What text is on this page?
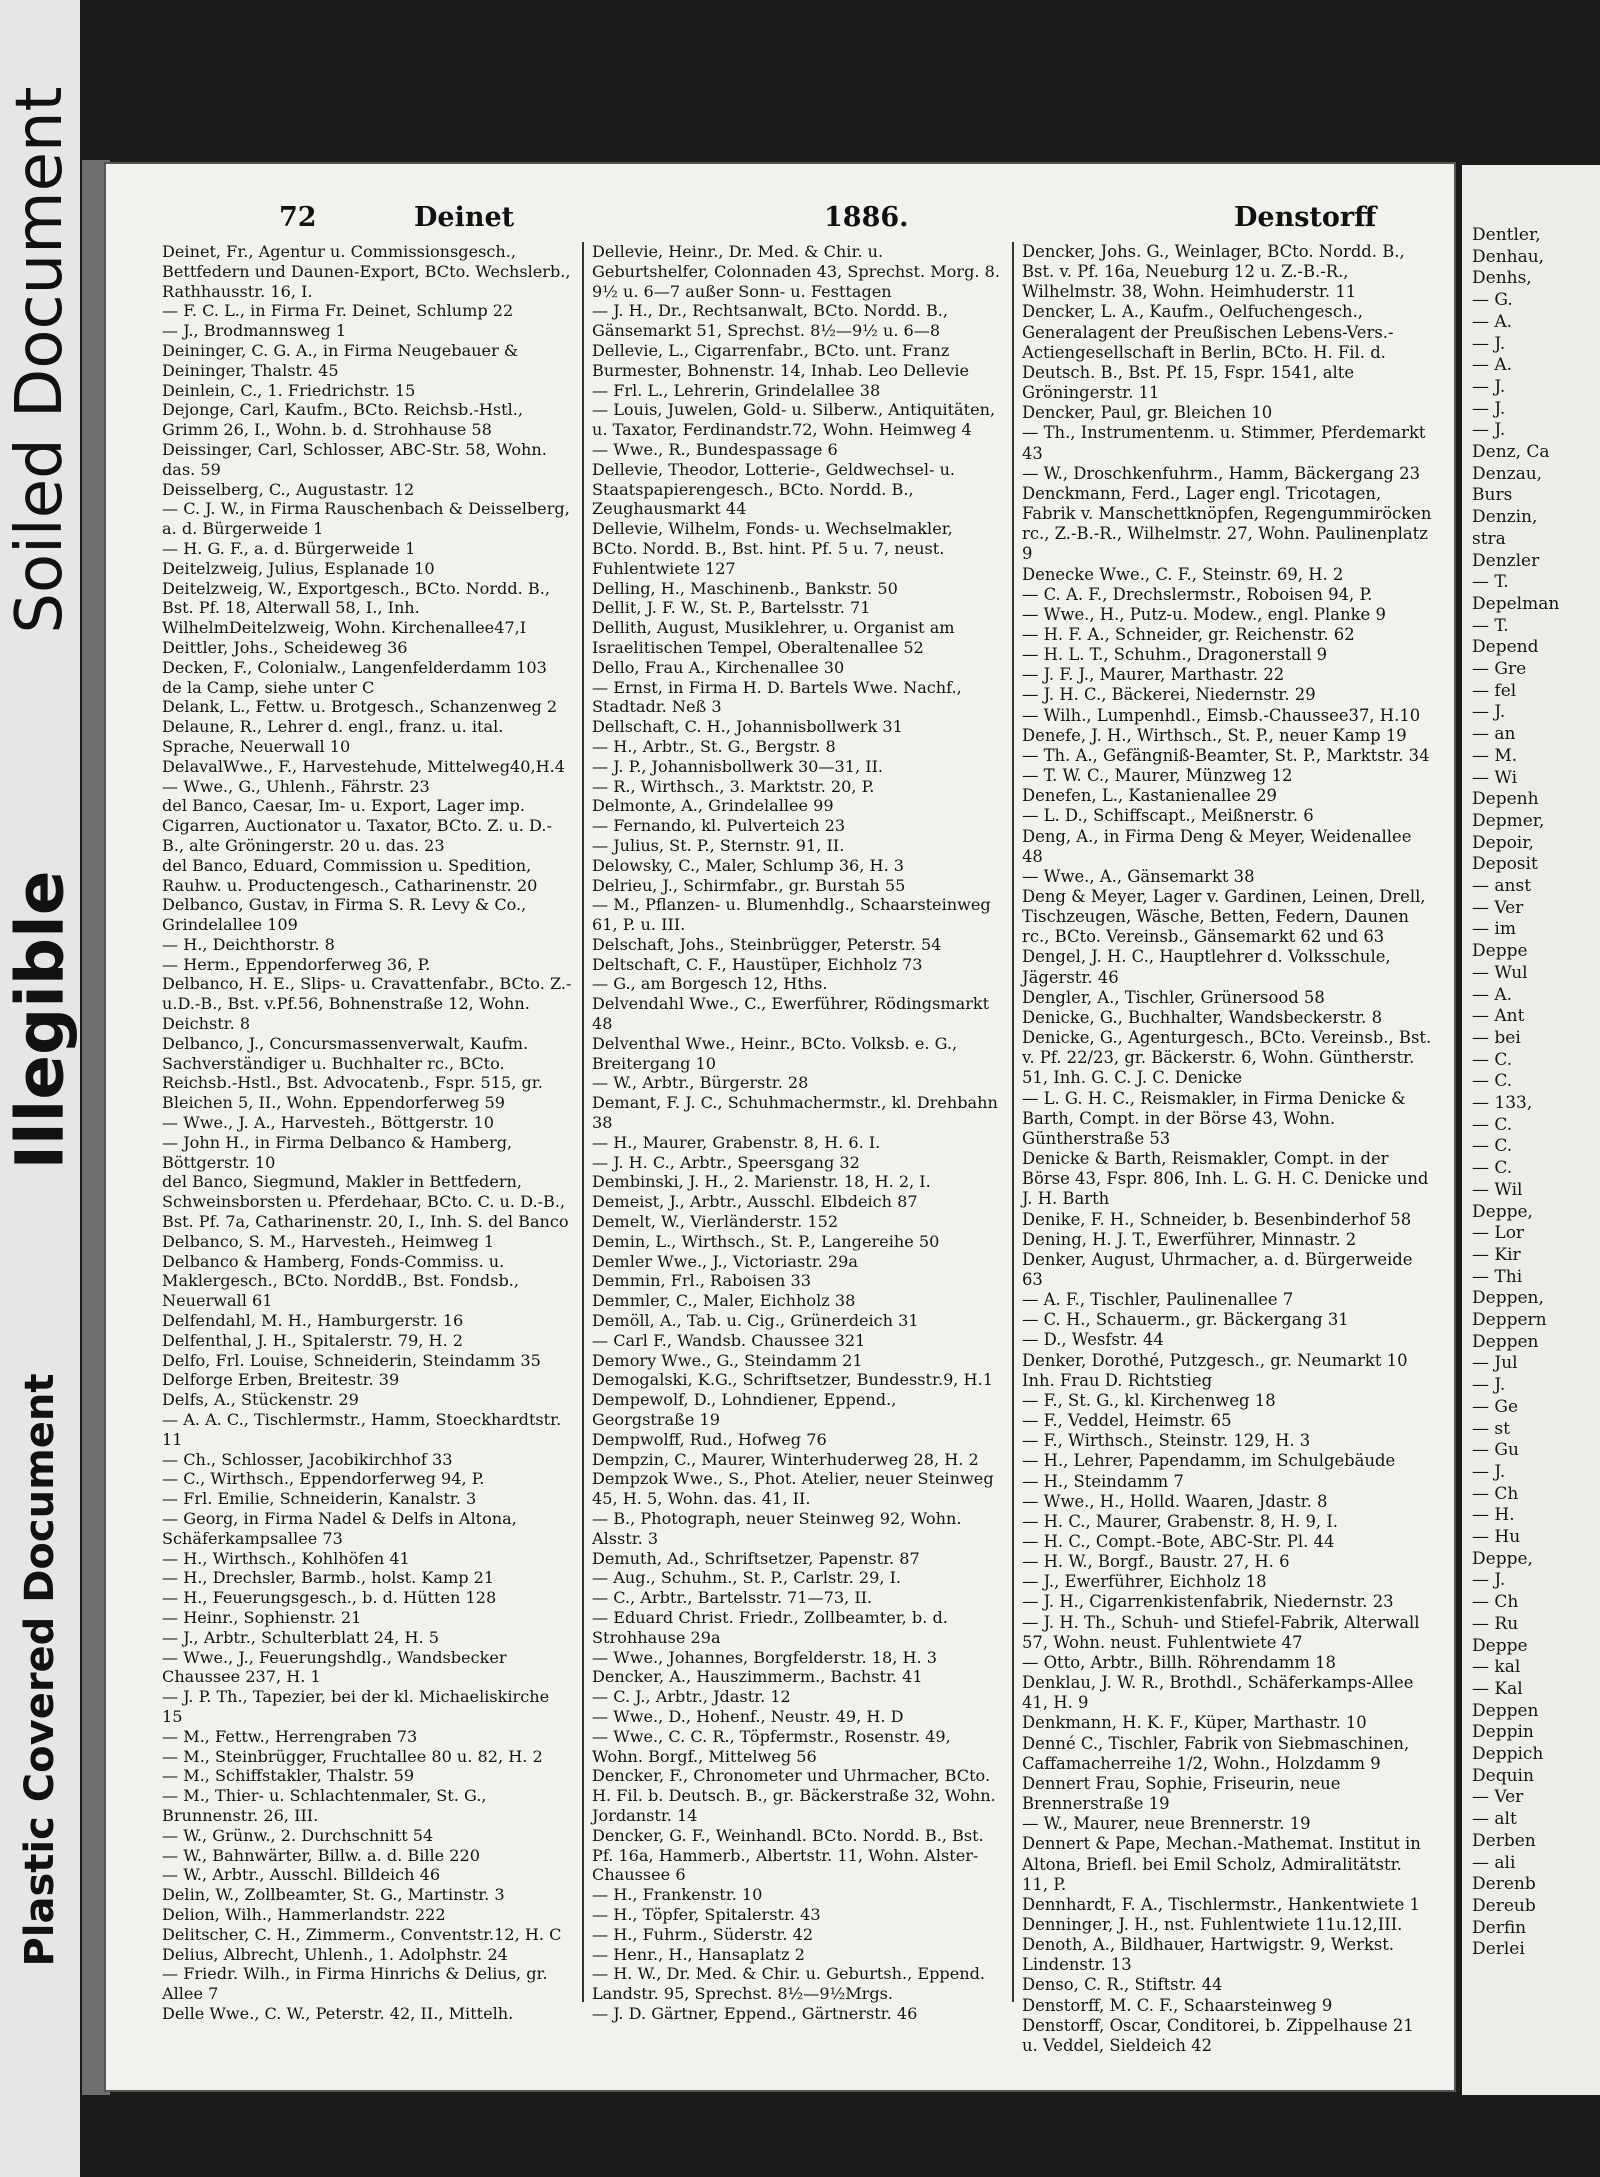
Soiled Document
Illegible
Plastic Covered Document
72	Deinet	1886.	Denstorff

Deinet, Fr., Agentur u. Commissionsgesch., Bettfedern und Daunen-Export, BCto. Wechslerb., Rathhausstr. 16, I.

— F. C. L., in Firma Fr. Deinet, Schlump 22

— J., Brodmannsweg 1

Deininger, C. G. A., in Firma Neugebauer & Deininger, Thalstr. 45

Deinlein, C., 1. Friedrichstr. 15

Dejonge, Carl, Kaufm., BCto. Reichsb.-Hstl., Grimm 26, I., Wohn. b. d. Strohhause 58

Deissinger, Carl, Schlosser, ABC-Str. 58, Wohn. das. 59

Deisselberg, C., Augustastr. 12

— C. J. W., in Firma Rauschenbach & Deisselberg, a. d. Bürgerweide 1

— H. G. F., a. d. Bürgerweide 1

Deitelzweig, Julius, Esplanade 10

Deitelzweig, W., Exportgesch., BCto. Nordd. B., Bst. Pf. 18, Alterwall 58, I., Inh. WilhelmDeitelzweig, Wohn. Kirchenallee47,I

Deittler, Johs., Scheideweg 36

Decken, F., Colonialw., Langenfelderdamm 103

de la Camp, siehe unter C

Delank, L., Fettw. u. Brotgesch., Schanzenweg 2

Delaune, R., Lehrer d. engl., franz. u. ital. Sprache, Neuerwall 10

DelavalWwe., F., Harvestehude, Mittelweg40,H.4

— Wwe., G., Uhlenh., Fährstr. 23

del Banco, Caesar, Im- u. Export, Lager imp. Cigarren, Auctionator u. Taxator, BCto. Z. u. D.-B., alte Gröningerstr. 20 u. das. 23

del Banco, Eduard, Commission u. Spedition, Rauhw. u. Productengesch., Catharinenstr. 20

Delbanco, Gustav, in Firma S. R. Levy & Co., Grindelallee 109

— H., Deichthorstr. 8

— Herm., Eppendorferweg 36, P.

Delbanco, H. E., Slips- u. Cravattenfabr., BCto. Z.-u.D.-B., Bst. v.Pf.56, Bohnenstraße 12, Wohn. Deichstr. 8

Delbanco, J., Concursmassenverwalt, Kaufm. Sachverständiger u. Buchhalter rc., BCto. Reichsb.-Hstl., Bst. Advocatenb., Fspr. 515, gr. Bleichen 5, II., Wohn. Eppendorferweg 59

— Wwe., J. A., Harvesteh., Böttgerstr. 10

— John H., in Firma Delbanco & Hamberg, Böttgerstr. 10

del Banco, Siegmund, Makler in Bettfedern, Schweinsborsten u. Pferdehaar, BCto. C. u. D.-B., Bst. Pf. 7a, Catharinenstr. 20, I., Inh. S. del Banco

Delbanco, S. M., Harvesteh., Heimweg 1

Delbanco & Hamberg, Fonds-Commiss. u. Maklergesch., BCto. NorddB., Bst. Fondsb., Neuerwall 61

Delfendahl, M. H., Hamburgerstr. 16

Delfenthal, J. H., Spitalerstr. 79, H. 2

Delfo, Frl. Louise, Schneiderin, Steindamm 35

Delforge Erben, Breitestr. 39

Delfs, A., Stückenstr. 29

— A. A. C., Tischlermstr., Hamm, Stoeckhardtstr. 11

— Ch., Schlosser, Jacobikirchhof 33

— C., Wirthsch., Eppendorferweg 94, P.

— Frl. Emilie, Schneiderin, Kanalstr. 3

— Georg, in Firma Nadel & Delfs in Altona, Schäferkampsallee 73

— H., Wirthsch., Kohlhöfen 41

— H., Drechsler, Barmb., holst. Kamp 21

— H., Feuerungsgesch., b. d. Hütten 128

— Heinr., Sophienstr. 21

— J., Arbtr., Schulterblatt 24, H. 5

— Wwe., J., Feuerungshdlg., Wandsbecker Chaussee 237, H. 1

— J. P. Th., Tapezier, bei der kl. Michaeliskirche 15

— M., Fettw., Herrengraben 73

— M., Steinbrügger, Fruchtallee 80 u. 82, H. 2

— M., Schiffstakler, Thalstr. 59

— M., Thier- u. Schlachtenmaler, St. G., Brunnenstr. 26, III.

— W., Grünw., 2. Durchschnitt 54

— W., Bahnwärter, Billw. a. d. Bille 220

— W., Arbtr., Ausschl. Billdeich 46

Delin, W., Zollbeamter, St. G., Martinstr. 3

Delion, Wilh., Hammerlandstr. 222

Delitscher, C. H., Zimmerm., Conventstr.12, H. C

Delius, Albrecht, Uhlenh., 1. Adolphstr. 24

— Friedr. Wilh., in Firma Hinrichs & Delius, gr. Allee 7

Delle Wwe., C. W., Peterstr. 42, II., Mittelh.

Dellevie, Heinr., Dr. Med. & Chir. u. Geburtshelfer, Colonnaden 43, Sprechst. Morg. 8. 9½ u. 6—7 außer Sonn- u. Festtagen

— J. H., Dr., Rechtsanwalt, BCto. Nordd. B., Gänsemarkt 51, Sprechst. 8½—9½ u. 6—8

Dellevie, L., Cigarrenfabr., BCto. unt. Franz Burmester, Bohnenstr. 14, Inhab. Leo Dellevie

— Frl. L., Lehrerin, Grindelallee 38

— Louis, Juwelen, Gold- u. Silberw., Antiquitäten, u. Taxator, Ferdinandstr.72, Wohn. Heimweg 4

— Wwe., R., Bundespassage 6

Dellevie, Theodor, Lotterie-, Geldwechsel- u. Staatspapierengesch., BCto. Nordd. B., Zeughausmarkt 44

Dellevie, Wilhelm, Fonds- u. Wechselmakler, BCto. Nordd. B., Bst. hint. Pf. 5 u. 7, neust. Fuhlentwiete 127

Delling, H., Maschinenb., Bankstr. 50

Dellit, J. F. W., St. P., Bartelsstr. 71

Dellith, August, Musiklehrer, u. Organist am Israelitischen Tempel, Oberaltenallee 52

Dello, Frau A., Kirchenallee 30

— Ernst, in Firma H. D. Bartels Wwe. Nachf., Stadtadr. Neß 3

Dellschaft, C. H., Johannisbollwerk 31

— H., Arbtr., St. G., Bergstr. 8

— J. P., Johannisbollwerk 30—31, II.

— R., Wirthsch., 3. Marktstr. 20, P.

Delmonte, A., Grindelallee 99

— Fernando, kl. Pulverteich 23

— Julius, St. P., Sternstr. 91, II.

Delowsky, C., Maler, Schlump 36, H. 3

Delrieu, J., Schirmfabr., gr. Burstah 55

— M., Pflanzen- u. Blumenhdlg., Schaarsteinweg 61, P. u. III.

Delschaft, Johs., Steinbrügger, Peterstr. 54

Deltschaft, C. F., Haustüper, Eichholz 73

— G., am Borgesch 12, Hths.

Delvendahl Wwe., C., Ewerführer, Rödingsmarkt 48

Delventhal Wwe., Heinr., BCto. Volksb. e. G., Breitergang 10

— W., Arbtr., Bürgerstr. 28

Demant, F. J. C., Schuhmachermstr., kl. Drehbahn 38

— H., Maurer, Grabenstr. 8, H. 6. I.

— J. H. C., Arbtr., Speersgang 32

Dembinski, J. H., 2. Marienstr. 18, H. 2, I.

Demeist, J., Arbtr., Ausschl. Elbdeich 87

Demelt, W., Vierländerstr. 152

Demin, L., Wirthsch., St. P., Langereihe 50

Demler Wwe., J., Victoriastr. 29a

Demmin, Frl., Raboisen 33

Demmler, C., Maler, Eichholz 38

Demöll, A., Tab. u. Cig., Grünerdeich 31

— Carl F., Wandsb. Chaussee 321

Demory Wwe., G., Steindamm 21

Demogalski, K.G., Schriftsetzer, Bundesstr.9, H.1

Dempewolf, D., Lohndiener, Eppend., Georgstraße 19

Dempwolff, Rud., Hofweg 76

Dempzin, C., Maurer, Winterhuderweg 28, H. 2

Dempzok Wwe., S., Phot. Atelier, neuer Steinweg 45, H. 5, Wohn. das. 41, II.

— B., Photograph, neuer Steinweg 92, Wohn. Alsstr. 3

Demuth, Ad., Schriftsetzer, Papenstr. 87

— Aug., Schuhm., St. P., Carlstr. 29, I.

— C., Arbtr., Bartelsstr. 71—73, II.

— Eduard Christ. Friedr., Zollbeamter, b. d. Strohhause 29a

— Wwe., Johannes, Borgfelderstr. 18, H. 3

Dencker, A., Hauszimmerm., Bachstr. 41

— C. J., Arbtr., Jdastr. 12

— Wwe., D., Hohenf., Neustr. 49, H. D

— Wwe., C. C. R., Töpfermstr., Rosenstr. 49, Wohn. Borgf., Mittelweg 56

Dencker, F., Chronometer und Uhrmacher, BCto. H. Fil. b. Deutsch. B., gr. Bäckerstraße 32, Wohn. Jordanstr. 14

Dencker, G. F., Weinhandl. BCto. Nordd. B., Bst. Pf. 16a, Hammerb., Albertstr. 11, Wohn. Alster-Chaussee 6

— H., Frankenstr. 10

— H., Töpfer, Spitalerstr. 43

— H., Fuhrm., Süderstr. 42

— Henr., H., Hansaplatz 2

— H. W., Dr. Med. & Chir. u. Geburtsh., Eppend. Landstr. 95, Sprechst. 8½—9½Mrgs.

— J. D. Gärtner, Eppend., Gärtnerstr. 46

Dencker, Johs. G., Weinlager, BCto. Nordd. B., Bst. v. Pf. 16a, Neueburg 12 u. Z.-B.-R., Wilhelmstr. 38, Wohn. Heimhuderstr. 11

Dencker, L. A., Kaufm., Oelfuchengesch., Generalagent der Preußischen Lebens-Vers.-Actiengesellschaft in Berlin, BCto. H. Fil. d. Deutsch. B., Bst. Pf. 15, Fspr. 1541, alte Gröningerstr. 11

Dencker, Paul, gr. Bleichen 10

— Th., Instrumentenm. u. Stimmer, Pferdemarkt 43

— W., Droschkenfuhrm., Hamm, Bäckergang 23

Denckmann, Ferd., Lager engl. Tricotagen, Fabrik v. Manschettknöpfen, Regengummiröcken rc., Z.-B.-R., Wilhelmstr. 27, Wohn. Paulinenplatz 9

Denecke Wwe., C. F., Steinstr. 69, H. 2

— C. A. F., Drechslermstr., Roboisen 94, P.

— Wwe., H., Putz-u. Modew., engl. Planke 9

— H. F. A., Schneider, gr. Reichenstr. 62

— H. L. T., Schuhm., Dragonerstall 9

— J. F. J., Maurer, Marthastr. 22

— J. H. C., Bäckerei, Niedernstr. 29

— Wilh., Lumpenhdl., Eimsb.-Chaussee37, H.10

Denefe, J. H., Wirthsch., St. P., neuer Kamp 19

— Th. A., Gefängniß-Beamter, St. P., Marktstr. 34

— T. W. C., Maurer, Münzweg 12

Denefen, L., Kastanienallee 29

— L. D., Schiffscapt., Meißnerstr. 6

Deng, A., in Firma Deng & Meyer, Weidenallee 48

— Wwe., A., Gänsemarkt 38

Deng & Meyer, Lager v. Gardinen, Leinen, Drell, Tischzeugen, Wäsche, Betten, Federn, Daunen rc., BCto. Vereinsb., Gänsemarkt 62 und 63

Dengel, J. H. C., Hauptlehrer d. Volksschule, Jägerstr. 46

Dengler, A., Tischler, Grünersood 58

Denicke, G., Buchhalter, Wandsbeckerstr. 8

Denicke, G., Agenturgesch., BCto. Vereinsb., Bst. v. Pf. 22/23, gr. Bäckerstr. 6, Wohn. Güntherstr. 51, Inh. G. C. J. C. Denicke

— L. G. H. C., Reismakler, in Firma Denicke & Barth, Compt. in der Börse 43, Wohn. Güntherstraße 53

Denicke & Barth, Reismakler, Compt. in der Börse 43, Fspr. 806, Inh. L. G. H. C. Denicke und J. H. Barth

Denike, F. H., Schneider, b. Besenbinderhof 58

Dening, H. J. T., Ewerführer, Minnastr. 2

Denker, August, Uhrmacher, a. d. Bürgerweide 63

— A. F., Tischler, Paulinenallee 7

— C. H., Schauerm., gr. Bäckergang 31

— D., Wesfstr. 44

Denker, Dorothé, Putzgesch., gr. Neumarkt 10 Inh. Frau D. Richtstieg

— F., St. G., kl. Kirchenweg 18

— F., Veddel, Heimstr. 65

— F., Wirthsch., Steinstr. 129, H. 3

— H., Lehrer, Papendamm, im Schulgebäude

— H., Steindamm 7

— Wwe., H., Holld. Waaren, Jdastr. 8

— H. C., Maurer, Grabenstr. 8, H. 9, I.

— H. C., Compt.-Bote, ABC-Str. Pl. 44

— H. W., Borgf., Baustr. 27, H. 6

— J., Ewerführer, Eichholz 18

— J. H., Cigarrenkistenfabrik, Niedernstr. 23

— J. H. Th., Schuh- und Stiefel-Fabrik, Alterwall 57, Wohn. neust. Fuhlentwiete 47

— Otto, Arbtr., Billh. Röhrendamm 18

Denklau, J. W. R., Brothdl., Schäferkamps-Allee 41, H. 9

Denkmann, H. K. F., Küper, Marthastr. 10

Denné C., Tischler, Fabrik von Siebmaschinen, Caffamacherreihe 1/2, Wohn., Holzdamm 9

Dennert Frau, Sophie, Friseurin, neue Brennerstraße 19

— W., Maurer, neue Brennerstr. 19

Dennert & Pape, Mechan.-Mathemat. Institut in Altona, Briefl. bei Emil Scholz, Admiralitätstr. 11, P.

Dennhardt, F. A., Tischlermstr., Hankentwiete 1

Denninger, J. H., nst. Fuhlentwiete 11u.12,III.

Denoth, A., Bildhauer, Hartwigstr. 9, Werkst. Lindenstr. 13

Denso, C. R., Stiftstr. 44

Denstorff, M. C. F., Schaarsteinweg 9

Denstorff, Oscar, Conditorei, b. Zippelhause 21 u. Veddel, Sieldeich 42

Dentler,
Denhau,
Denhs,
— G.
— A.
— J.
— A.
— J.
— J.
— J.
Denz, Ca
Denzau,
Burs
Denzin,
stra
Denzler
— T.
Depelman
— T.
Depend
— Gre
— fel
— J.
— an
— M.
— Wi
Depenh
Depmer,
Depoir,
Deposit
— anst
— Ver
— im
Deppe
— Wul
— A.
— Ant
— bei
— C.
— C.
— 133,
— C.
— C.
— C.
— Wil
Deppe,
— Lor
— Kir
— Thi
Deppen,
Deppern
Deppen
— Jul
— J.
— Ge
— st
— Gu
— J.
— Ch
— H.
— Hu
Deppe,
— J.
— Ch
— Ru
Deppe
— kal
— Kal
Deppen
Deppin
Deppich
Dequin
— Ver
— alt
Derben
— ali
Derenb
Dereub
Derfin
Derlei
